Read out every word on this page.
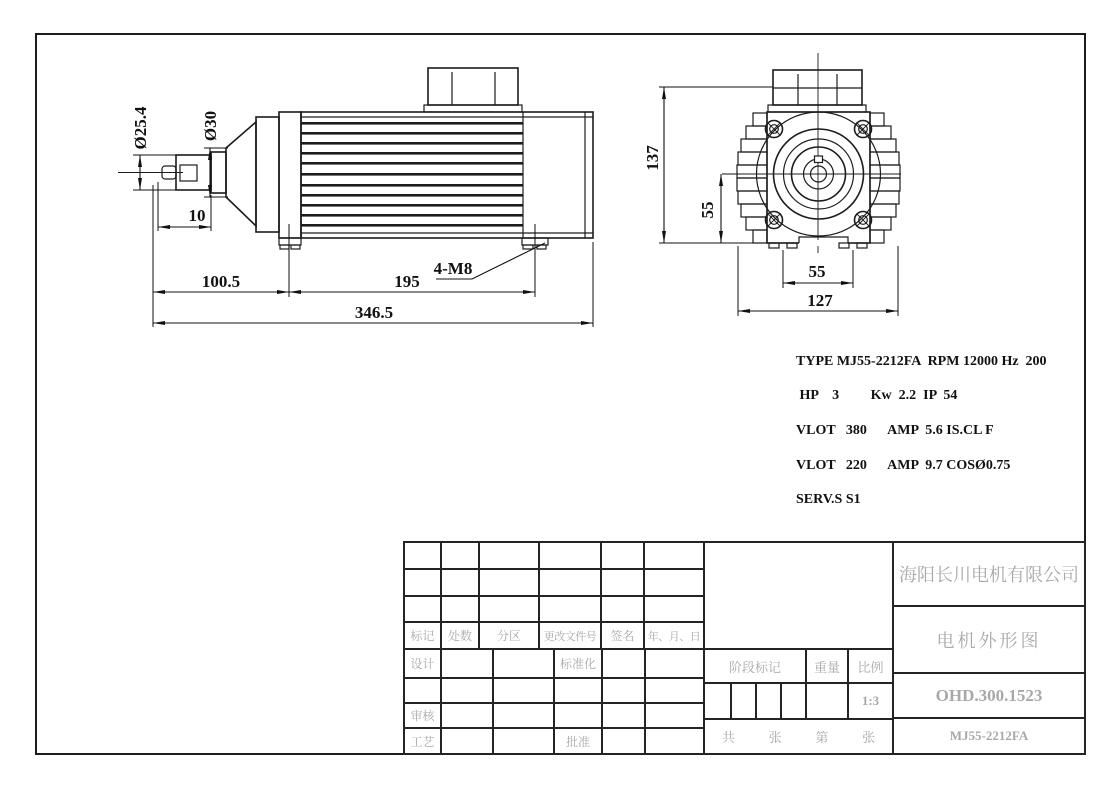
Ø25.4	Ø30
10
100.5	195
346.5
4-M8
137
55
55
127
TYPE MJ55-2212FA  RPM 12000 Hz  200
HP    3         Kw  2.2  IP  54
VLOT   380      AMP  5.6 IS.CL F
VLOT   220      AMP  9.7 COSØ0.75
SERV.S S1
标记	处数	分区	更改文件号	签名	年、月、日
设计	标准化
审核
工艺	批准
阶段标记	重量	比例
1:3
共	张	第	张
海阳长川电机有限公司
电机外形图
OHD.300.1523
MJ55-2212FA
